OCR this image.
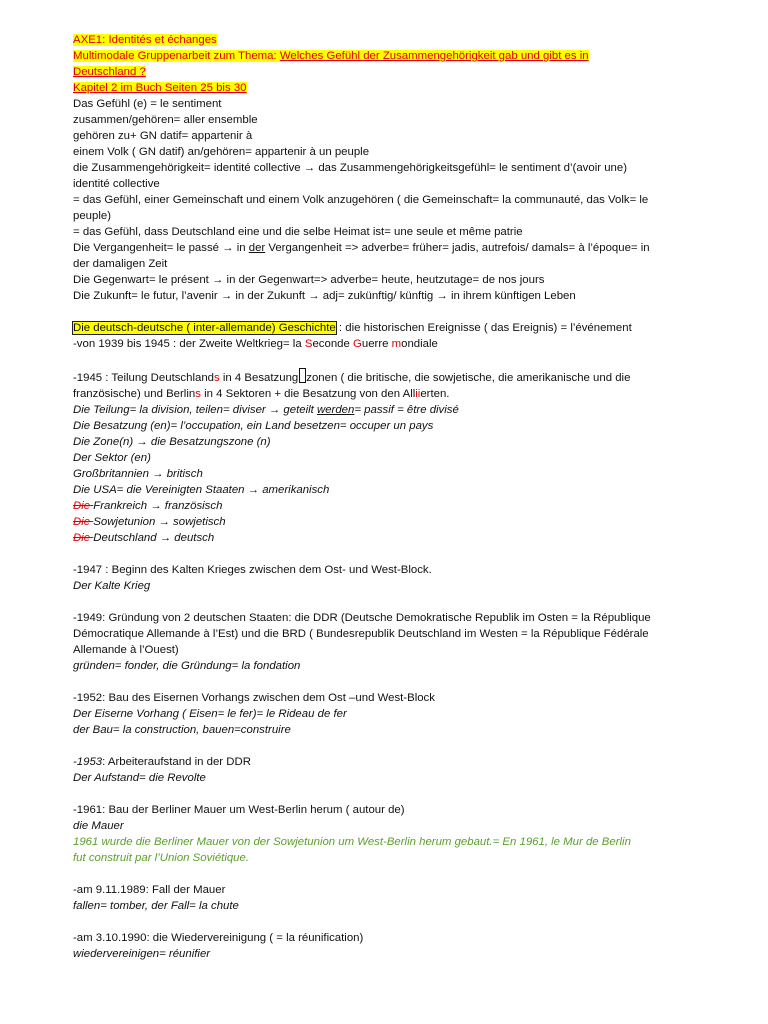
AXE1: Identités et échanges
Multimodale Gruppenarbeit zum Thema: Welches Gefühl der Zusammengehörigkeit gab und gibt es in
Deutschland ?
Kapitel 2 im Buch Seiten 25 bis 30
Das Gefühl (e) = le sentiment
zusammen/gehören= aller ensemble
gehören zu+ GN datif= appartenir à
einem Volk ( GN datif) an/gehören= appartenir à un peuple
die Zusammengehörigkeit= identité collective → das Zusammengehörigkeitsgefühl= le sentiment d’(avoir une)
identité collective
= das Gefühl, einer Gemeinschaft und einem Volk anzugehören ( die Gemeinschaft= la communauté, das Volk= le
peuple)
= das Gefühl, dass Deutschland eine und die selbe Heimat ist= une seule et même patrie
Die Vergangenheit= le passé → in der Vergangenheit => adverbe= früher= jadis, autrefois/ damals= à l’époque= in
der damaligen Zeit
Die Gegenwart= le présent → in der Gegenwart=> adverbe= heute, heutzutage= de nos jours
Die Zukunft= le futur, l’avenir → in der Zukunft → adj= zukünftig/ künftig → in ihrem künftigen Leben
Die deutsch-deutsche ( inter-allemande) Geschichte : die historischen Ereignisse ( das Ereignis) = l’événement
-von 1939 bis 1945 : der Zweite Weltkrieg= la Seconde Guerre mondiale
-1945 : Teilung Deutschlands in 4 Besatzung zonen ( die britische, die sowjetische, die amerikanische und die
französische) und Berlins in 4 Sektoren + die Besatzung von den Alliierten.
Die Teilung= la division, teilen= diviser → geteilt werden= passif = être divisé
Die Besatzung (en)= l’occupation, ein Land besetzen= occuper un pays
Die Zone(n) → die Besatzungszone (n)
Der Sektor (en)
Großbritannien → britisch
Die USA= die Vereinigten Staaten → amerikanisch
Die Frankreich → französisch
Die Sowjetunion → sowjetisch
Die Deutschland → deutsch
-1947 : Beginn des Kalten Krieges zwischen dem Ost- und West-Block.
Der Kalte Krieg
-1949: Gründung von 2 deutschen Staaten: die DDR (Deutsche Demokratische Republik im Osten = la République
Démocratique Allemande à l’Est) und die BRD ( Bundesrepublik Deutschland im Westen = la République Fédérale
Allemande à l’Ouest)
gründen= fonder, die Gründung= la fondation
-1952: Bau des Eisernen Vorhangs zwischen dem Ost –und West-Block
Der Eiserne Vorhang ( Eisen= le fer)= le Rideau de fer
der Bau= la construction, bauen=construire
-1953: Arbeiteraufstand in der DDR
Der Aufstand= die Revolte
-1961: Bau der Berliner Mauer um West-Berlin herum ( autour de)
die Mauer
1961 wurde die Berliner Mauer von der Sowjetunion um West-Berlin herum gebaut.= En 1961, le Mur de Berlin
fut construit par l’Union Soviétique.
-am 9.11.1989: Fall der Mauer
fallen= tomber, der Fall= la chute
-am 3.10.1990: die Wiedervereinigung ( = la réunification)
wiedervereinigen= réunifier
